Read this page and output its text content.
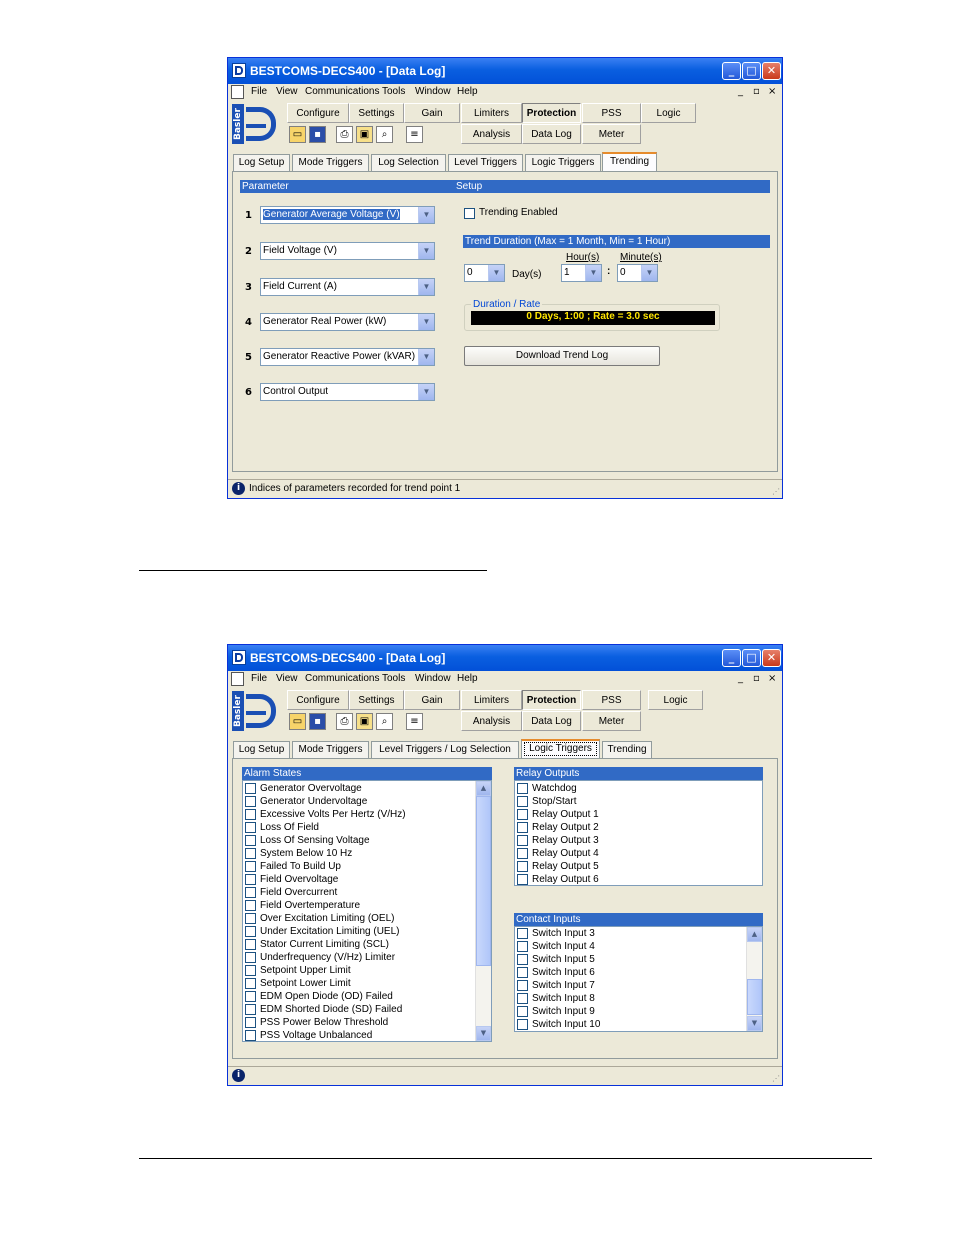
BESTCOMS-DECS400 - [Data Log]	_	□ ✕
File View Communications Tools Window Help	_ ▫ ×
Basler	Configure	Settings	Gain	Limiters	Protection	PSS	Logic
Analysis	Data Log	Meter
▭	▪	⎙	▣	⌕	≡
Log Setup	Mode Triggers	Log Selection	Level Triggers	Logic Triggers	Trending
Parameter	Setup
1	Generator Average Voltage (V)	▼
2	Field Voltage (V)	▼
3	Field Current (A)	▼
4	Generator Real Power (kW)	▼
5	Generator Reactive Power (kVAR) ▼
6	Control Output	▼
Trending Enabled
Trend Duration (Max = 1 Month, Min = 1 Hour)
Hour(s) Minute(s)
0	▼	Day(s)	1	▼ : 0	▼
Duration / Rate
0 Days, 1:00 ; Rate = 3.0 sec
Download Trend Log
i Indices of parameters recorded for trend point 1	⋰
BESTCOMS-DECS400 - [Data Log]	_	□ ✕
File View Communications Tools Window Help	_ ▫ ×
Basler	Configure	Settings	Gain	Limiters	Protection	PSS	Logic
Analysis	Data Log	Meter
▭	▪	⎙	▣	⌕	≡
Log Setup	Mode Triggers	Level Triggers / Log Selection	Logic Triggers	Trending
Alarm States
▲
▼
Generator Overvoltage
Generator Undervoltage
Excessive Volts Per Hertz (V/Hz)
Loss Of Field
Loss Of Sensing Voltage
System Below 10 Hz
Failed To Build Up
Field Overvoltage
Field Overcurrent
Field Overtemperature
Over Excitation Limiting (OEL)
Under Excitation Limiting (UEL)
Stator Current Limiting (SCL)
Underfrequency (V/Hz) Limiter
Setpoint Upper Limit
Setpoint Lower Limit
EDM Open Diode (OD) Failed
EDM Shorted Diode (SD) Failed
PSS Power Below Threshold
PSS Voltage Unbalanced
Relay Outputs
Watchdog
Stop/Start
Relay Output 1
Relay Output 2
Relay Output 3
Relay Output 4
Relay Output 5
Relay Output 6
Contact Inputs
▲
▼
Switch Input 3
Switch Input 4
Switch Input 5
Switch Input 6
Switch Input 7
Switch Input 8
Switch Input 9
Switch Input 10
i	⋰
